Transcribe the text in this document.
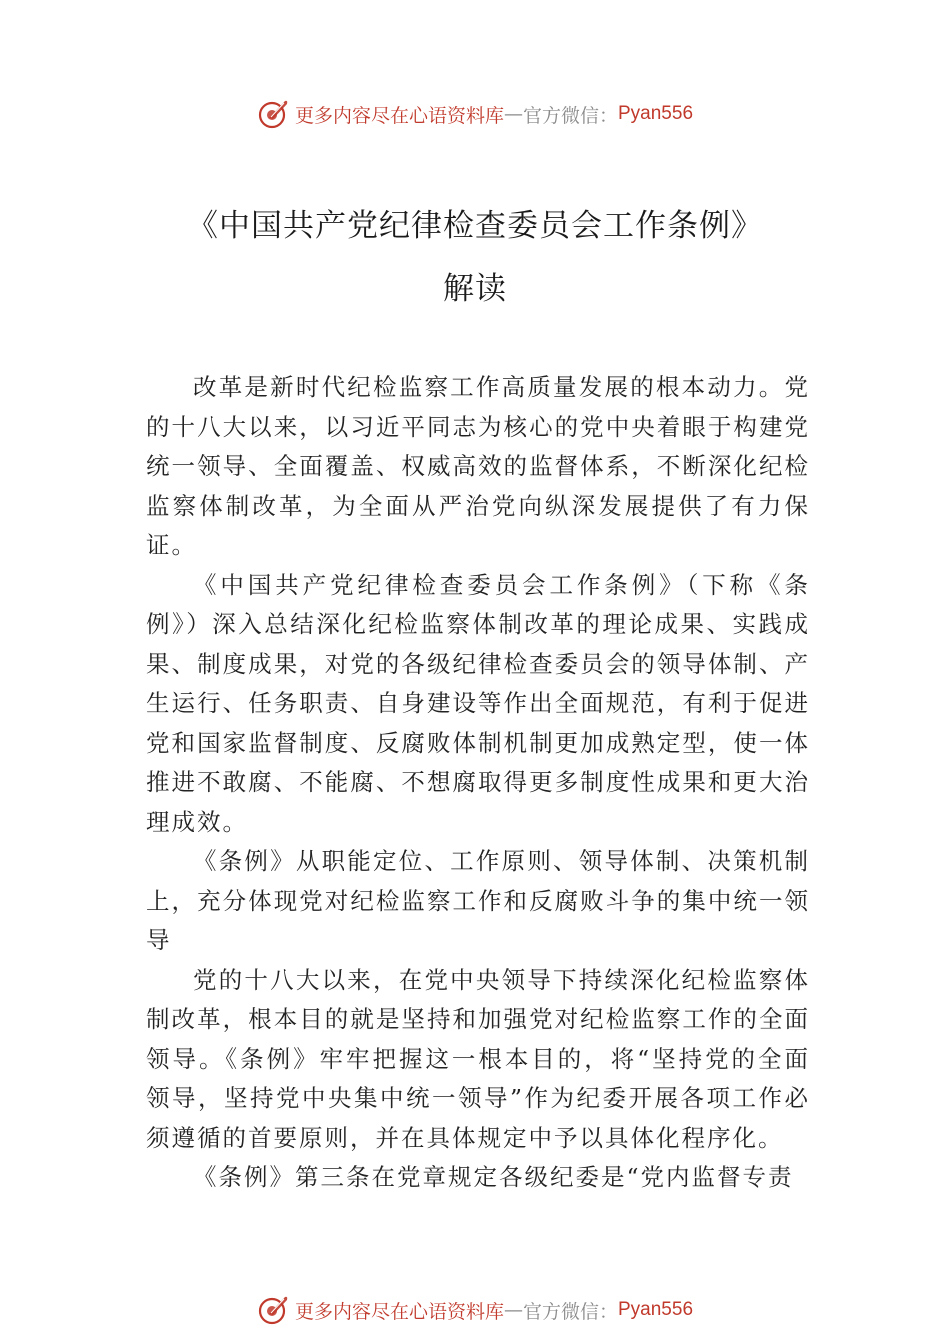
更多内容尽在心语资料库 — 官方微信： Pyan556
《中国共产党纪律检查委员会工作条例》
解读

改革是新时代纪检监察工作高质量发展的根本动力。党的十八大以来，以习近平同志为核心的党中央着眼于构建党统一领导、全面覆盖、权威高效的监督体系，不断深化纪检监察体制改革，为全面从严治党向纵深发展提供了有力保证。

《中国共产党纪律检查委员会工作条例》（下称《条例》）深入总结深化纪检监察体制改革的理论成果、实践成果、制度成果，对党的各级纪律检查委员会的领导体制、产生运行、任务职责、自身建设等作出全面规范，有利于促进党和国家监督制度、反腐败体制机制更加成熟定型，使一体推进不敢腐、不能腐、不想腐取得更多制度性成果和更大治理成效。

《条例》从职能定位、工作原则、领导体制、决策机制上，充分体现党对纪检监察工作和反腐败斗争的集中统一领导

党的十八大以来，在党中央领导下持续深化纪检监察体制改革，根本目的就是坚持和加强党对纪检监察工作的全面领导。《条例》牢牢把握这一根本目的，将“坚持党的全面领导，坚持党中央集中统一领导”作为纪委开展各项工作必须遵循的首要原则，并在具体规定中予以具体化程序化。

《条例》第三条在党章规定各级纪委是“党内监督专责

更多内容尽在心语资料库 — 官方微信： Pyan556
